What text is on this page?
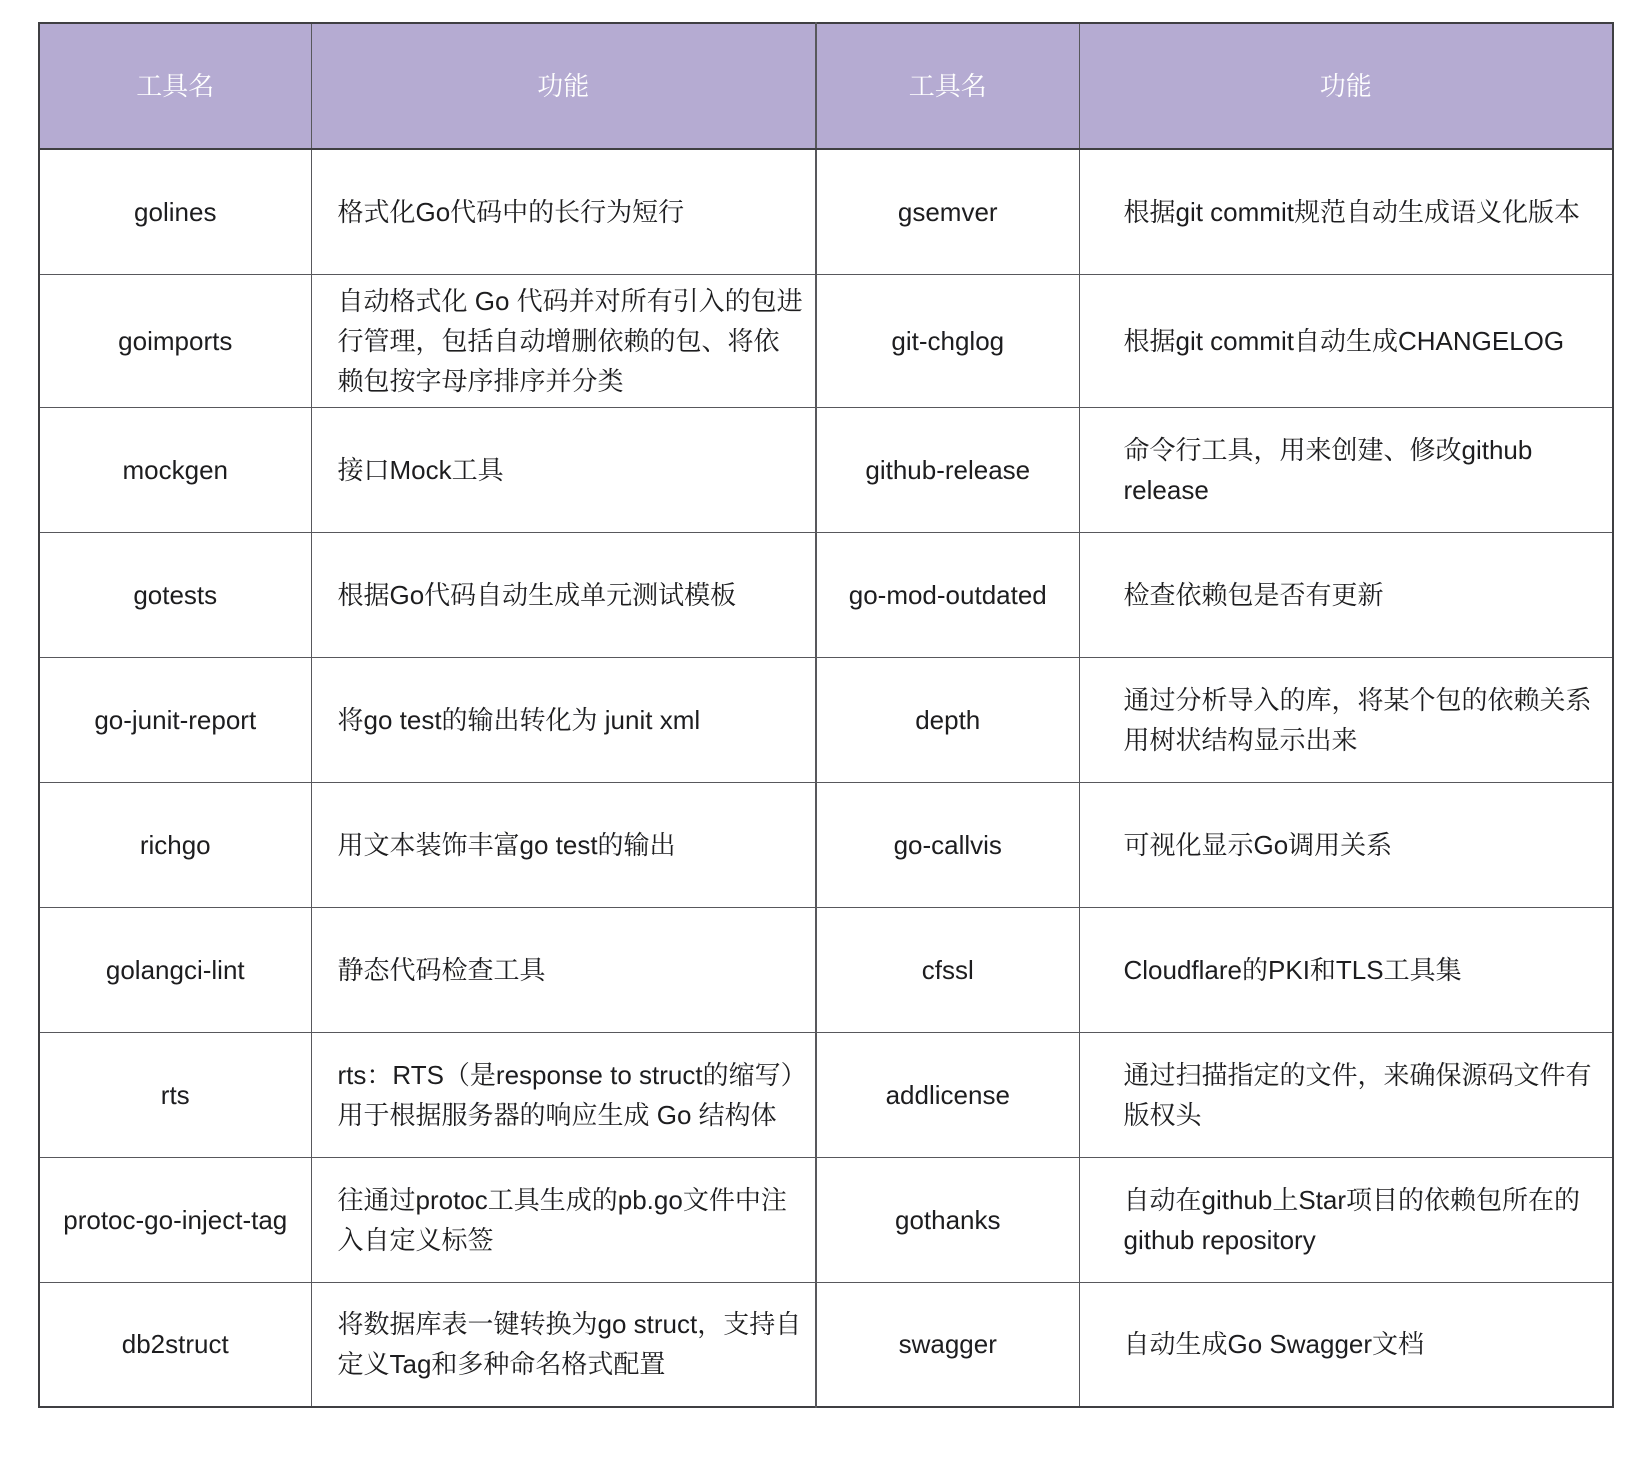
工具名	功能	工具名	功能
golines	格式化Go代码中的长行为短行	gsemver	根据git commit规范自动生成语义化版本
goimports	自动格式化 Go 代码并对所有引入的包进行管理，包括自动增删依赖的包、将依赖包按字母序排序并分类	git-chglog	根据git commit自动生成CHANGELOG
mockgen	接口Mock工具	github-release	命令行工具，用来创建、修改github release
gotests	根据Go代码自动生成单元测试模板	go-mod-outdated	检查依赖包是否有更新
go-junit-report	将go test的输出转化为 junit xml	depth	通过分析导入的库，将某个包的依赖关系用树状结构显示出来
richgo	用文本装饰丰富go test的输出	go-callvis	可视化显示Go调用关系
golangci-lint	静态代码检查工具	cfssl	Cloudflare的PKI和TLS工具集
rts	rts：RTS（是response to struct的缩写）用于根据服务器的响应生成 Go 结构体	addlicense	通过扫描指定的文件，来确保源码文件有版权头
protoc-go-inject-tag	往通过protoc工具生成的pb.go文件中注入自定义标签	gothanks	自动在github上Star项目的依赖包所在的github repository
db2struct	将数据库表一键转换为go struct，支持自定义Tag和多种命名格式配置	swagger	自动生成Go Swagger文档
